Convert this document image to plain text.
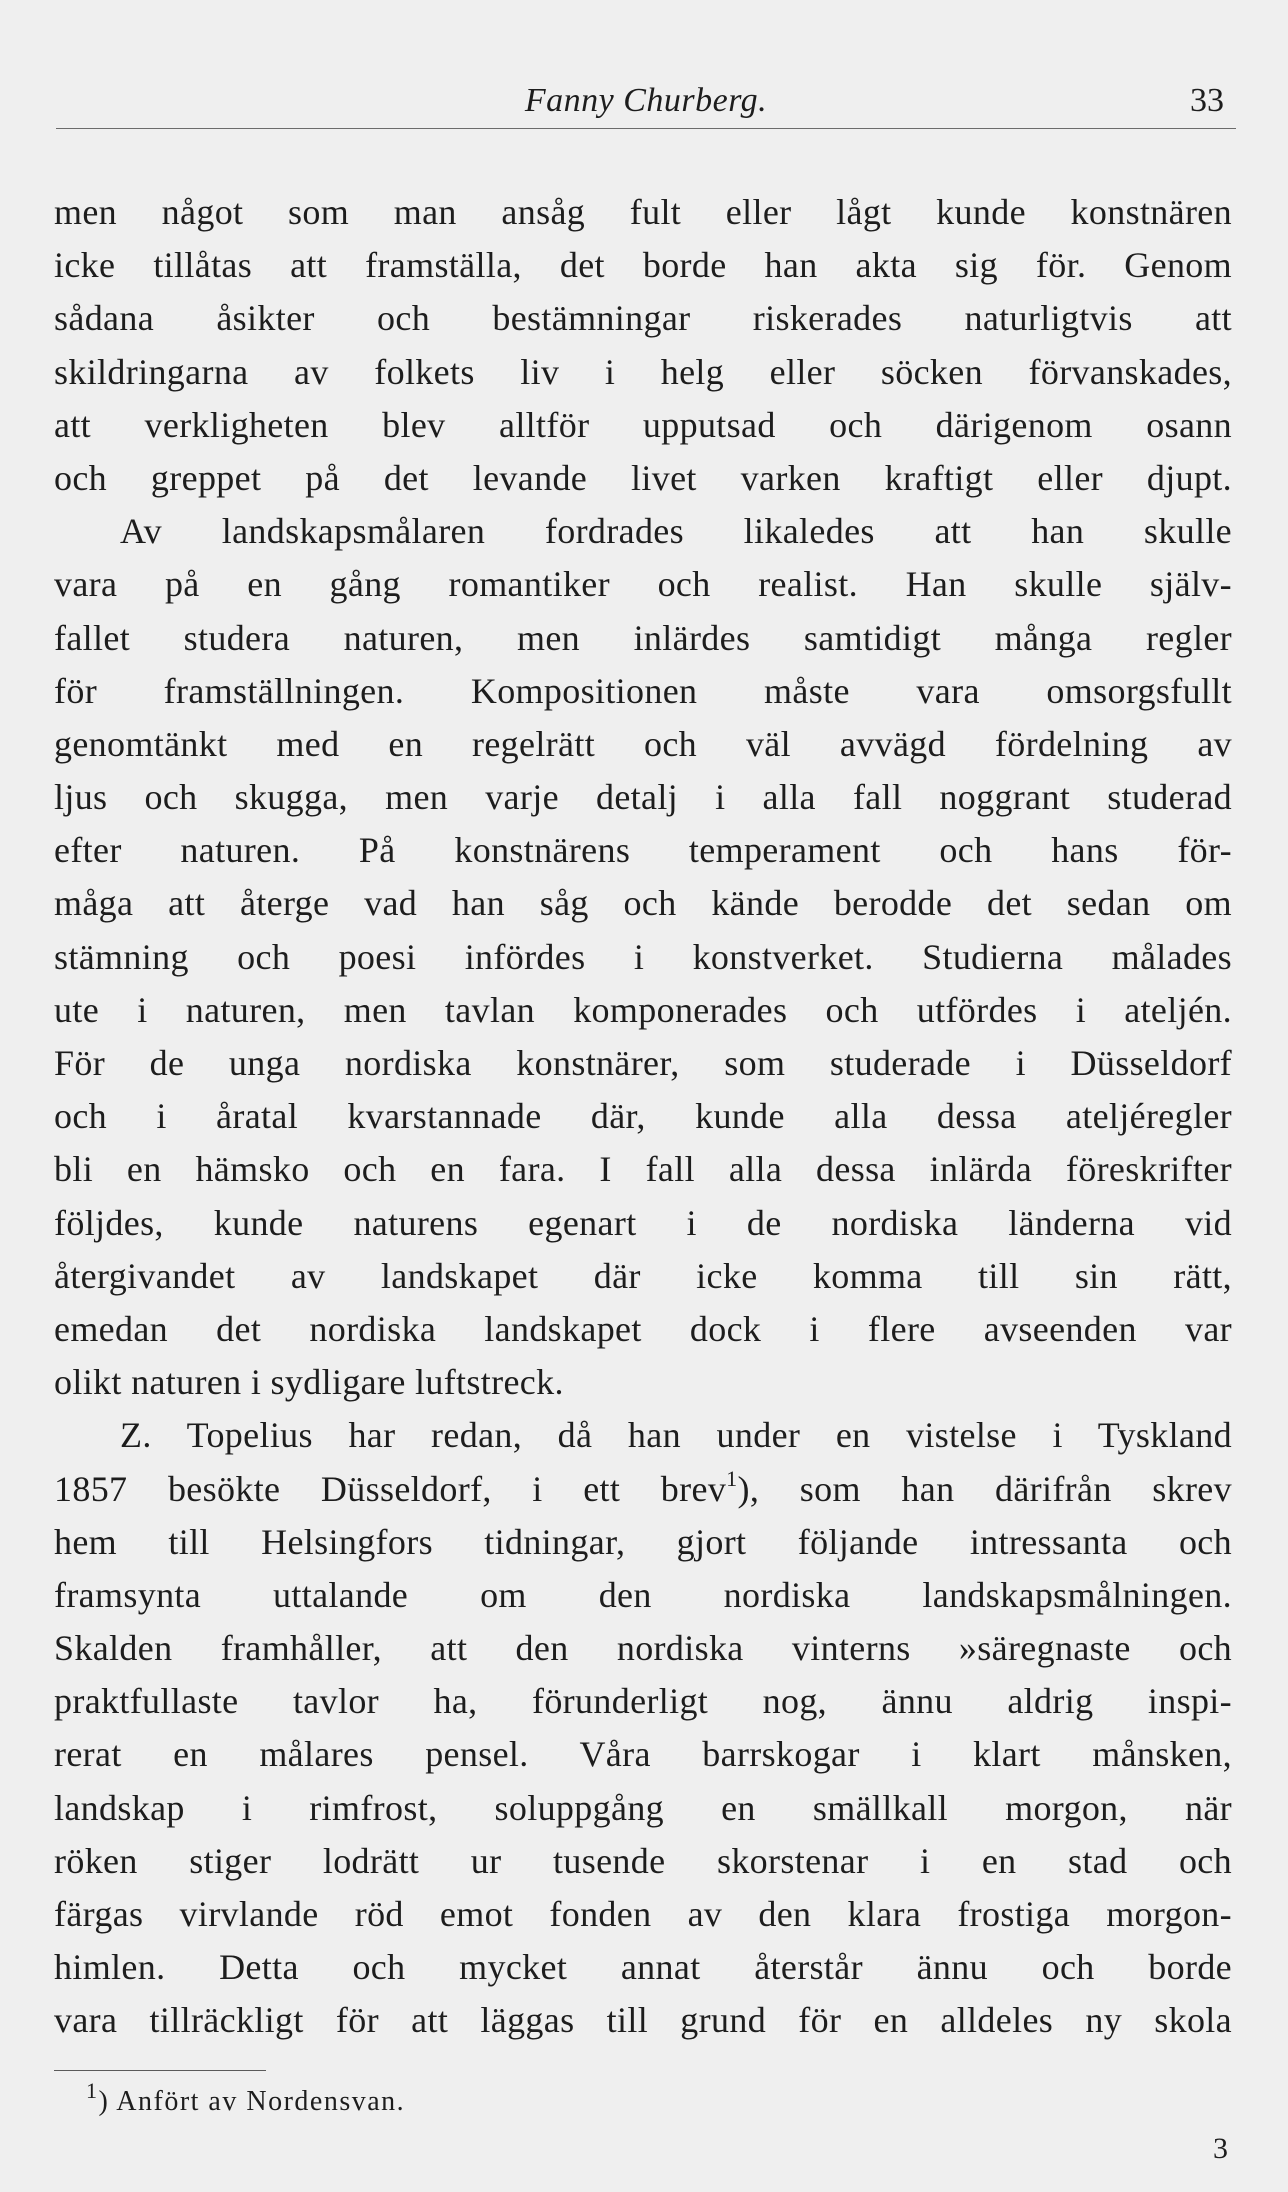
Fanny Churberg.	33
men något som man ansåg fult eller lågt kunde konstnären
icke tillåtas att framställa, det borde han akta sig för. Genom
sådana åsikter och bestämningar riskerades naturligtvis att
skildringarna av folkets liv i helg eller söcken förvanskades,
att verkligheten blev alltför upputsad och därigenom osann
och greppet på det levande livet varken kraftigt eller djupt.
Av landskapsmålaren fordrades likaledes att han skulle
vara på en gång romantiker och realist. Han skulle själv-
fallet studera naturen, men inlärdes samtidigt många regler
för framställningen. Kompositionen måste vara omsorgsfullt
genomtänkt med en regelrätt och väl avvägd fördelning av
ljus och skugga, men varje detalj i alla fall noggrant studerad
efter naturen. På konstnärens temperament och hans för-
måga att återge vad han såg och kände berodde det sedan om
stämning och poesi infördes i konstverket. Studierna målades
ute i naturen, men tavlan komponerades och utfördes i ateljén.
För de unga nordiska konstnärer, som studerade i Düsseldorf
och i åratal kvarstannade där, kunde alla dessa ateljéregler
bli en hämsko och en fara. I fall alla dessa inlärda föreskrifter
följdes, kunde naturens egenart i de nordiska länderna vid
återgivandet av landskapet där icke komma till sin rätt,
emedan det nordiska landskapet dock i flere avseenden var
olikt naturen i sydligare luftstreck.
Z. Topelius har redan, då han under en vistelse i Tyskland
1857 besökte Düsseldorf, i ett brev$^1$), som han därifrån skrev
hem till Helsingfors tidningar, gjort följande intressanta och
framsynta uttalande om den nordiska landskapsmålningen.
Skalden framhåller, att den nordiska vinterns »säregnaste och
praktfullaste tavlor ha, förunderligt nog, ännu aldrig inspi-
rerat en målares pensel. Våra barrskogar i klart månsken,
landskap i rimfrost, soluppgång en smällkall morgon, när
röken stiger lodrätt ur tusende skorstenar i en stad och
färgas virvlande röd emot fonden av den klara frostiga morgon-
himlen. Detta och mycket annat återstår ännu och borde
vara tillräckligt för att läggas till grund för en alldeles ny skola
$^1$) Anfört av Nordensvan.
3
